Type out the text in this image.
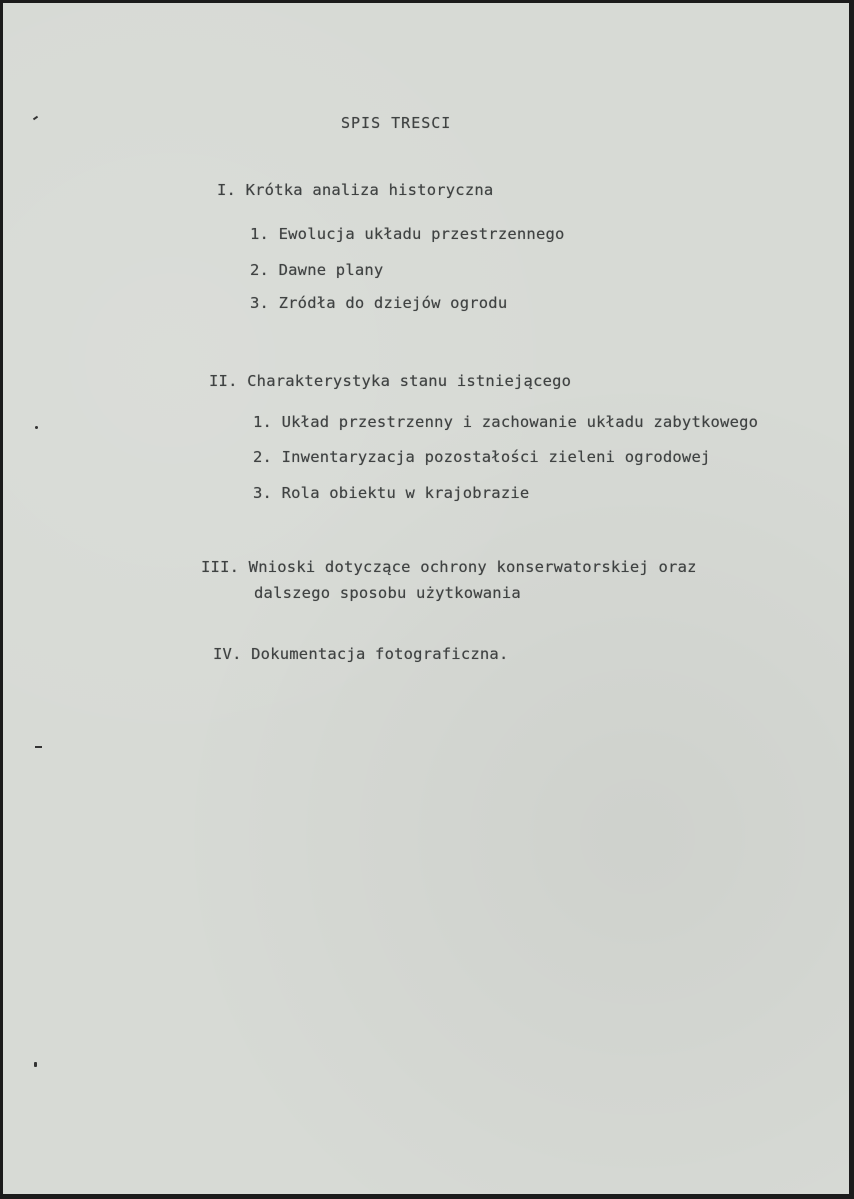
SPIS TRESCI
I. Krótka analiza historyczna
1. Ewolucja układu przestrzennego
2. Dawne plany
3. Zródła do dziejów ogrodu
II. Charakterystyka stanu istniejącego
1. Układ przestrzenny i zachowanie układu zabytkowego
2. Inwentaryzacja pozostałości zieleni ogrodowej
3. Rola obiektu w krajobrazie
III. Wnioski dotyczące ochrony konserwatorskiej oraz
dalszego sposobu użytkowania
IV. Dokumentacja fotograficzna.
